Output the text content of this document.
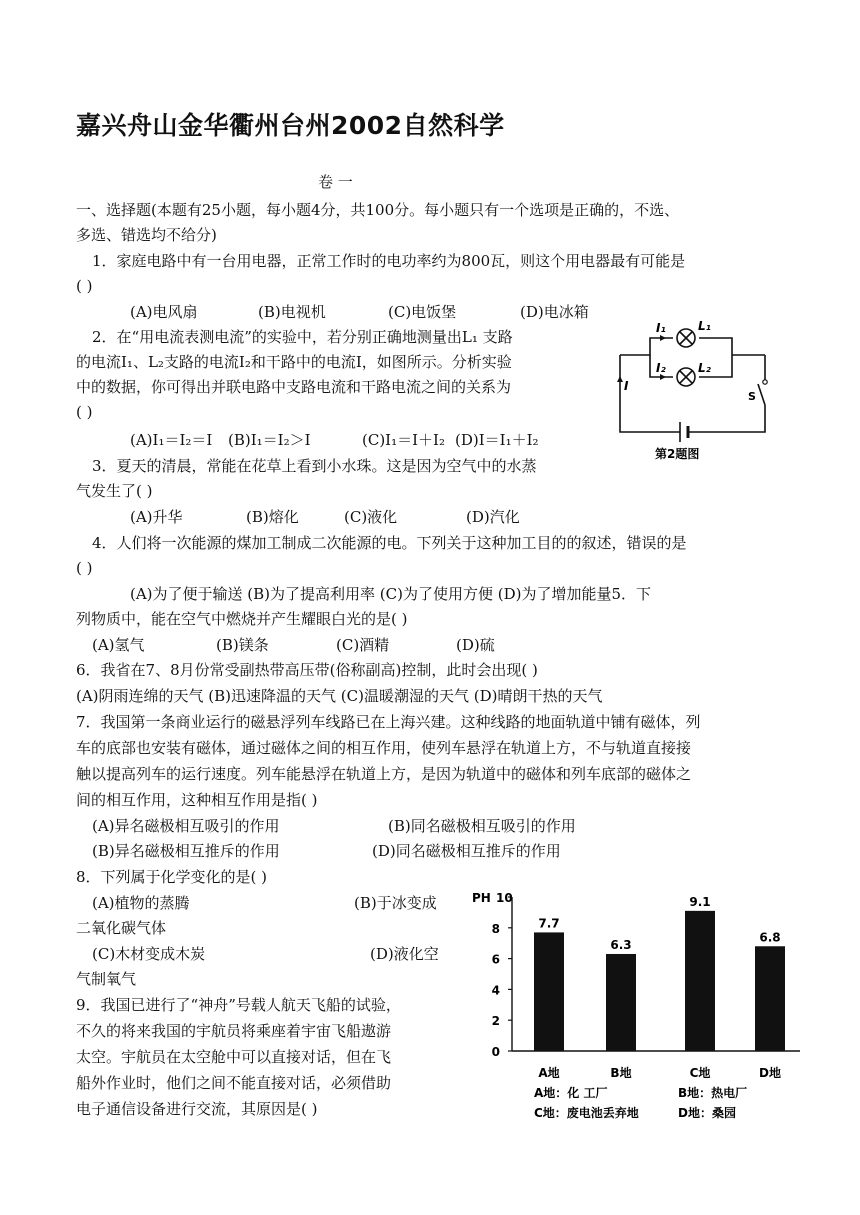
嘉兴舟山金华衢州台州2002自然科学
卷 一
一、选择题(本题有25小题，每小题4分，共100分。每小题只有一个选项是正确的，不选、
多选、错选均不给分)
1．家庭电路中有一台用电器，正常工作时的电功率约为800瓦，则这个用电器最有可能是
( )
(A)电风扇	(B)电视机	(C)电饭堡	(D)电冰箱
2．在“用电流表测电流”的实验中，若分别正确地测量出L₁ 支路
的电流I₁、L₂支路的电流I₂和干路中的电流I，如图所示。分析实验
中的数据，你可得出并联电路中支路电流和干路电流之间的关系为
( )
(A)I₁＝I₂＝I (B)I₁＝I₂＞I	(C)I₁＝I＋I₂ (D)I＝I₁＋I₂
I₁	L₁
I₂	L₂
I
S
第2题图
3．夏天的清晨，常能在花草上看到小水珠。这是因为空气中的水蒸
气发生了( )
(A)升华	(B)熔化	(C)液化	(D)汽化
4．人们将一次能源的煤加工制成二次能源的电。下列关于这种加工目的的叙述，错误的是
( )
(A)为了便于输送 (B)为了提高利用率 (C)为了使用方便 (D)为了增加能量5．下
列物质中，能在空气中燃烧并产生耀眼白光的是( )
(A)氢气	(B)镁条	(C)酒精	(D)硫
6．我省在7、8月份常受副热带高压带(俗称副高)控制，此时会出现( )
(A)阴雨连绵的天气 (B)迅速降温的天气 (C)温暖潮湿的天气 (D)晴朗干热的天气
7．我国第一条商业运行的磁悬浮列车线路已在上海兴建。这种线路的地面轨道中铺有磁体，列
车的底部也安装有磁体，通过磁体之间的相互作用，使列车悬浮在轨道上方，不与轨道直接接
触以提高列车的运行速度。列车能悬浮在轨道上方，是因为轨道中的磁体和列车底部的磁体之
间的相互作用，这种相互作用是指( )
(A)异名磁极相互吸引的作用	(B)同名磁极相互吸引的作用
(B)异名磁极相互推斥的作用	(D)同名磁极相互推斥的作用
8．下列属于化学变化的是( )
(A)植物的蒸腾	(B)于冰变成
二氧化碳气体
(C)木材变成木炭	(D)液化空
气制氧气
9．我国已进行了“神舟”号载人航天飞船的试验，
不久的将来我国的宇航员将乘座着宇宙飞船遨游
太空。宇航员在太空舱中可以直接对话，但在飞
船外作业时，他们之间不能直接对话，必须借助
电子通信设备进行交流，其原因是( )
PH
0
2
4
6
8
10
7.7
A地
6.3
B地
9.1
C地
6.8
D地
A地：化 工厂	B地：热电厂
C地：废电池丢弃地	D地：桑园
